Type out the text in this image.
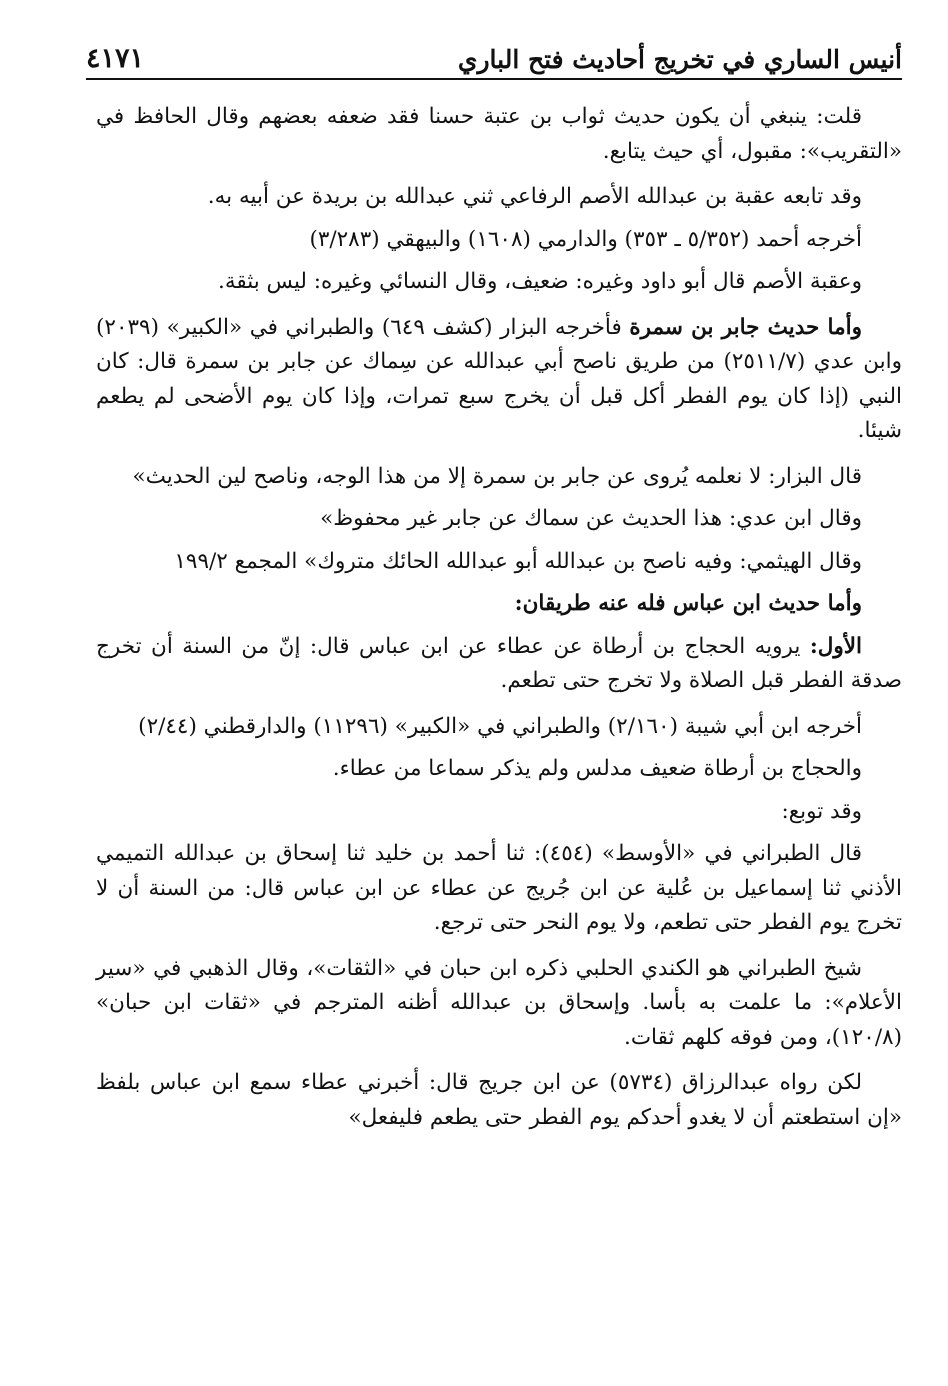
أنيس الساري في تخريج أحاديث فتح الباري
٤١٧١

قلت: ينبغي أن يكون حديث ثواب بن عتبة حسنا فقد ضعفه بعضهم وقال الحافظ في «التقريب»: مقبول، أي حيث يتابع.

وقد تابعه عقبة بن عبدالله الأصم الرفاعي ثني عبدالله بن بريدة عن أبيه به.

أخرجه أحمد (٥/٣٥٢ ـ ٣٥٣) والدارمي (١٦٠٨) والبيهقي (٣/٢٨٣)

وعقبة الأصم قال أبو داود وغيره: ضعيف، وقال النسائي وغيره: ليس بثقة.

وأما حديث جابر بن سمرة فأخرجه البزار (كشف ٦٤٩) والطبراني في «الكبير» (٢٠٣٩) وابن عدي (٢٥١١/٧) من طريق ناصح أبي عبدالله عن سِماك عن جابر بن سمرة قال: كان النبي (إذا كان يوم الفطر أكل قبل أن يخرج سبع تمرات، وإذا كان يوم الأضحى لم يطعم شيئا.

قال البزار: لا نعلمه يُروى عن جابر بن سمرة إلا من هذا الوجه، وناصح لين الحديث»

وقال ابن عدي: هذا الحديث عن سماك عن جابر غير محفوظ»

وقال الهيثمي: وفيه ناصح بن عبدالله أبو عبدالله الحائك متروك» المجمع ١٩٩/٢

وأما حديث ابن عباس فله عنه طريقان:

الأول: يرويه الحجاج بن أرطاة عن عطاء عن ابن عباس قال: إنّ من السنة أن تخرج صدقة الفطر قبل الصلاة ولا تخرج حتى تطعم.

أخرجه ابن أبي شيبة (٢/١٦٠) والطبراني في «الكبير» (١١٢٩٦) والدارقطني (٢/٤٤)

والحجاج بن أرطاة ضعيف مدلس ولم يذكر سماعا من عطاء.

وقد توبع:

قال الطبراني في «الأوسط» (٤٥٤): ثنا أحمد بن خليد ثنا إسحاق بن عبدالله التميمي الأذني ثنا إسماعيل بن عُلية عن ابن جُريج عن عطاء عن ابن عباس قال: من السنة أن لا تخرج يوم الفطر حتى تطعم، ولا يوم النحر حتى ترجع.

شيخ الطبراني هو الكندي الحلبي ذكره ابن حبان في «الثقات»، وقال الذهبي في «سير الأعلام»: ما علمت به بأسا. وإسحاق بن عبدالله أظنه المترجم في «ثقات ابن حبان» (١٢٠/٨)، ومن فوقه كلهم ثقات.

لكن رواه عبدالرزاق (٥٧٣٤) عن ابن جريج قال: أخبرني عطاء سمع ابن عباس بلفظ «إن استطعتم أن لا يغدو أحدكم يوم الفطر حتى يطعم فليفعل»
